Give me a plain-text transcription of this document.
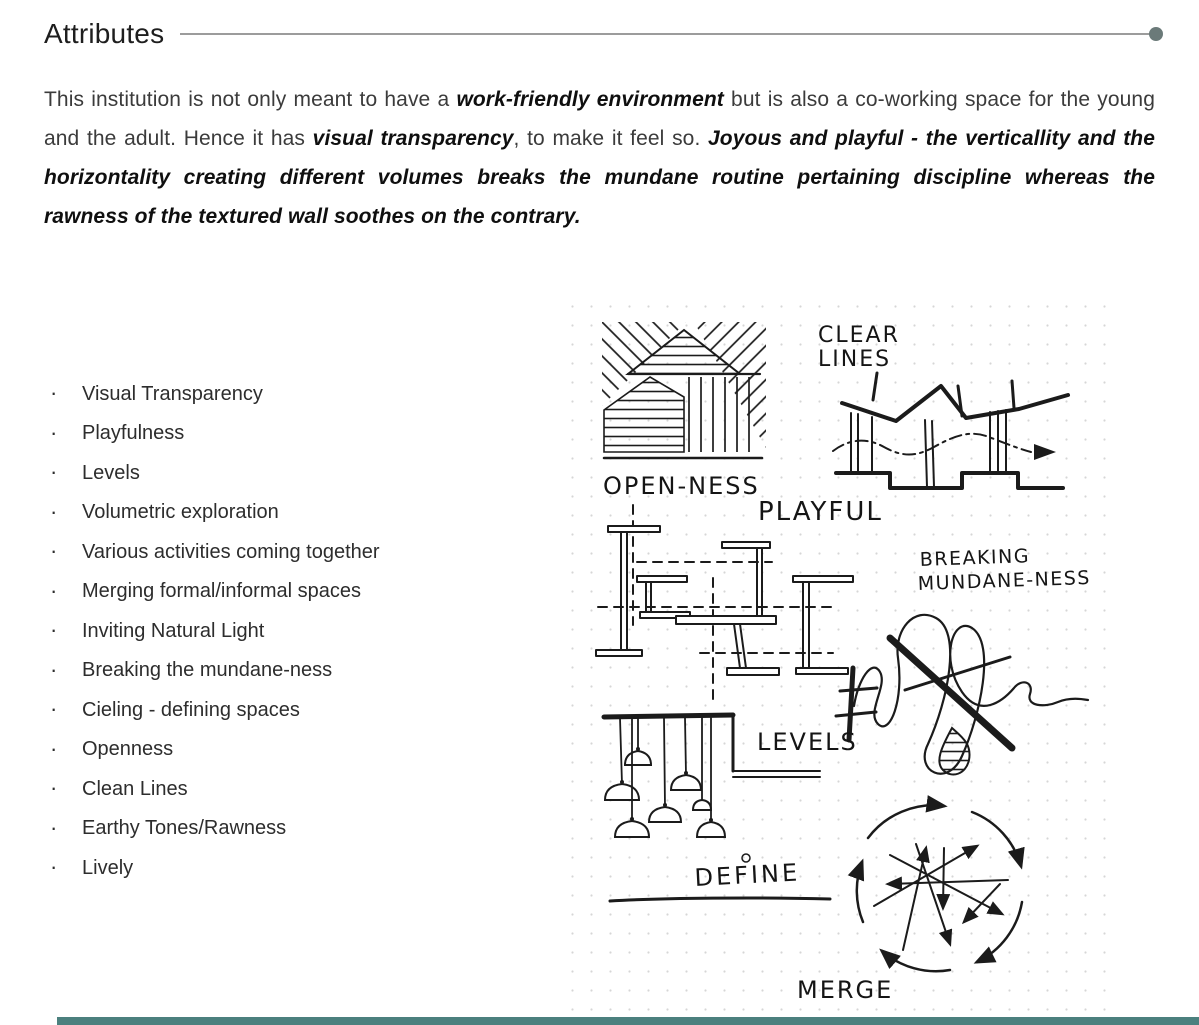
Attributes

This institution is not only meant to have a work-friendly environment but is also a co-working space for the young and the adult. Hence it has visual transparency, to make it feel so. Joyous and playful - the verticallity and the horizontality creating different volumes breaks the mundane routine pertaining discipline whereas the rawness of the textured wall soothes on the contrary.

·
Visual Transparency
·
Playfulness
·
Levels
·
Volumetric exploration
·
Various activities coming together
·
Merging formal/informal spaces
·
Inviting Natural Light
·
Breaking the mundane-ness
·
Cieling - defining spaces
·
Openness
·
Clean Lines
·
Earthy Tones/Rawness
·
Lively
OPEN-NESS
CLEAR
LINES
PLAYFUL
BREAKING
MUNDANE-NESS
LEVELS
DEFINE
MERGE
